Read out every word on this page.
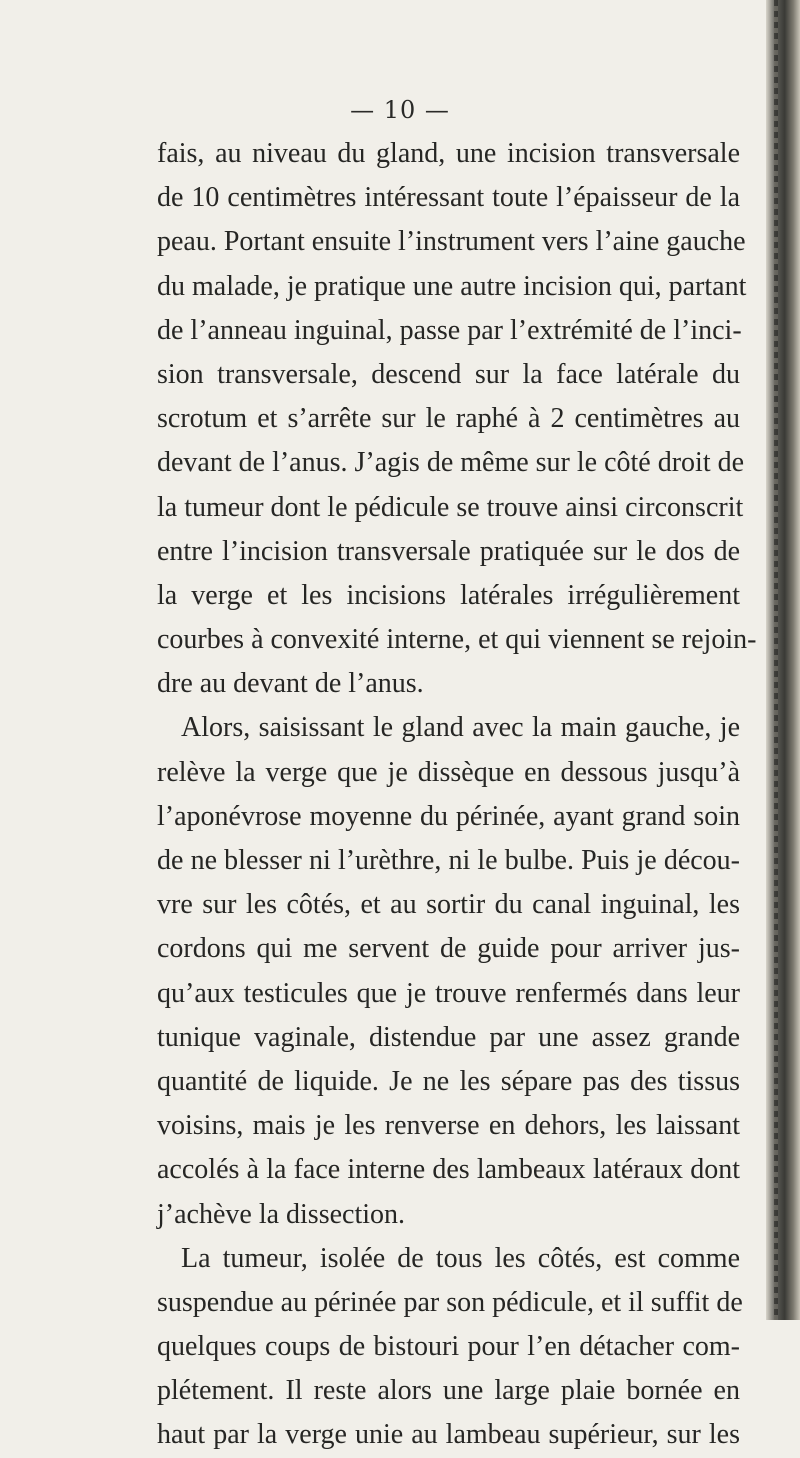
— 10 —
fais, au niveau du gland, une incision transversale
de 10 centimètres intéressant toute l’épaisseur de la
peau. Portant ensuite l’instrument vers l’aine gauche
du malade, je pratique une autre incision qui, partant
de l’anneau inguinal, passe par l’extrémité de l’inci-
sion transversale, descend sur la face latérale du
scrotum et s’arrête sur le raphé à 2 centimètres au
devant de l’anus. J’agis de même sur le côté droit de
la tumeur dont le pédicule se trouve ainsi circonscrit
entre l’incision transversale pratiquée sur le dos de
la verge et les incisions latérales irrégulièrement
courbes à convexité interne, et qui viennent se rejoin-
dre au devant de l’anus.
Alors, saisissant le gland avec la main gauche, je
relève la verge que je dissèque en dessous jusqu’à
l’aponévrose moyenne du périnée, ayant grand soin
de ne blesser ni l’urèthre, ni le bulbe. Puis je décou-
vre sur les côtés, et au sortir du canal inguinal, les
cordons qui me servent de guide pour arriver jus-
qu’aux testicules que je trouve renfermés dans leur
tunique vaginale, distendue par une assez grande
quantité de liquide. Je ne les sépare pas des tissus
voisins, mais je les renverse en dehors, les laissant
accolés à la face interne des lambeaux latéraux dont
j’achève la dissection.
La tumeur, isolée de tous les côtés, est comme
suspendue au périnée par son pédicule, et il suffit de
quelques coups de bistouri pour l’en détacher com-
plétement. Il reste alors une large plaie bornée en
haut par la verge unie au lambeau supérieur, sur les
